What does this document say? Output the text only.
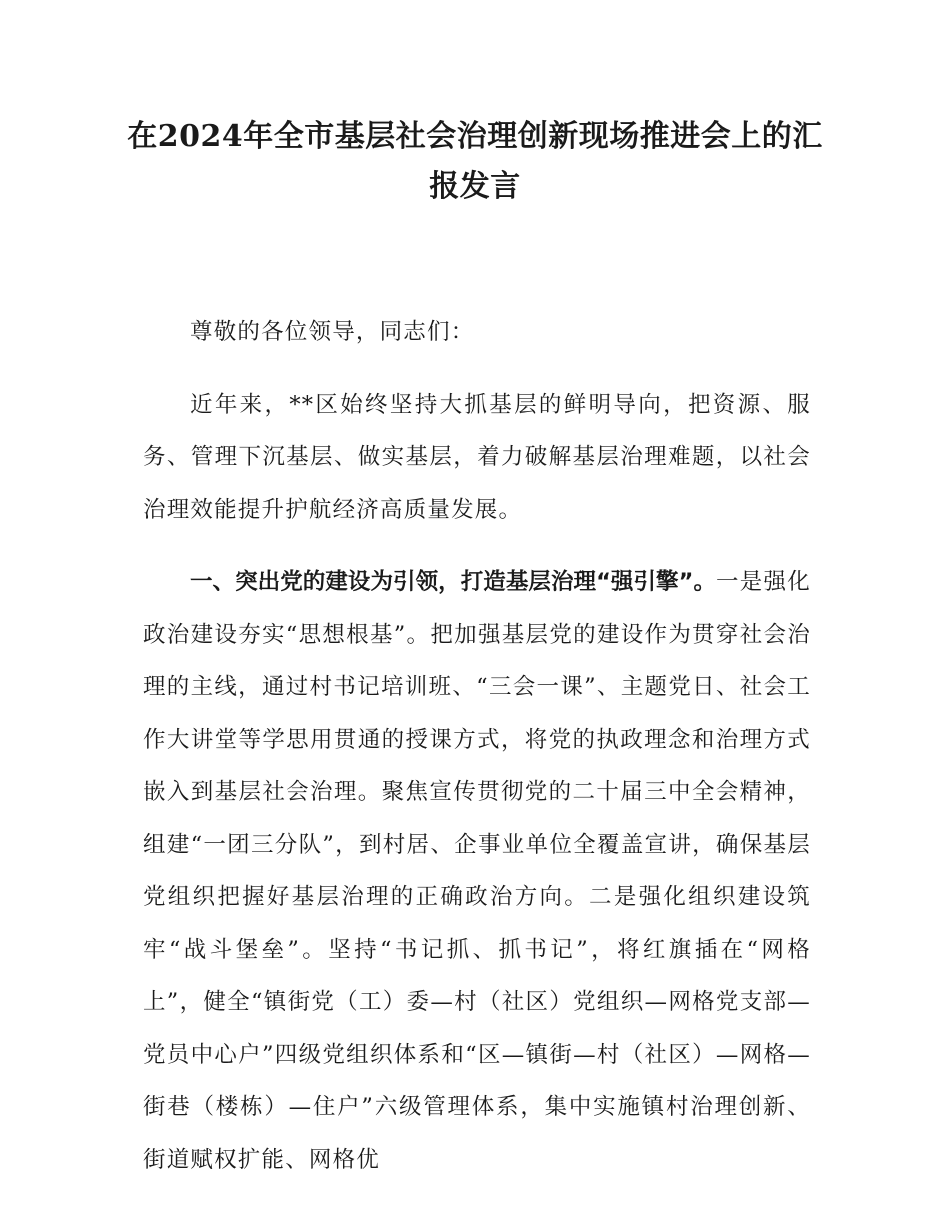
在2024年全市基层社会治理创新现场推进会上的汇报发言

尊敬的各位领导，同志们：

近年来，**区始终坚持大抓基层的鲜明导向，把资源、服务、管理下沉基层、做实基层，着力破解基层治理难题，以社会治理效能提升护航经济高质量发展。

一、突出党的建设为引领，打造基层治理“强引擎”。一是强化政治建设夯实“思想根基”。把加强基层党的建设作为贯穿社会治理的主线，通过村书记培训班、“三会一课”、主题党日、社会工作大讲堂等学思用贯通的授课方式，将党的执政理念和治理方式嵌入到基层社会治理。聚焦宣传贯彻党的二十届三中全会精神，组建“一团三分队”，到村居、企事业单位全覆盖宣讲，确保基层党组织把握好基层治理的正确政治方向。二是强化组织建设筑牢“战斗堡垒”。坚持“书记抓、抓书记”，将红旗插在“网格上”，健全“镇街党（工）委—村（社区）党组织—网格党支部—党员中心户”四级党组织体系和“区—镇街—村（社区）—网格—街巷（楼栋）—住户”六级管理体系，集中实施镇村治理创新、街道赋权扩能、网格优
